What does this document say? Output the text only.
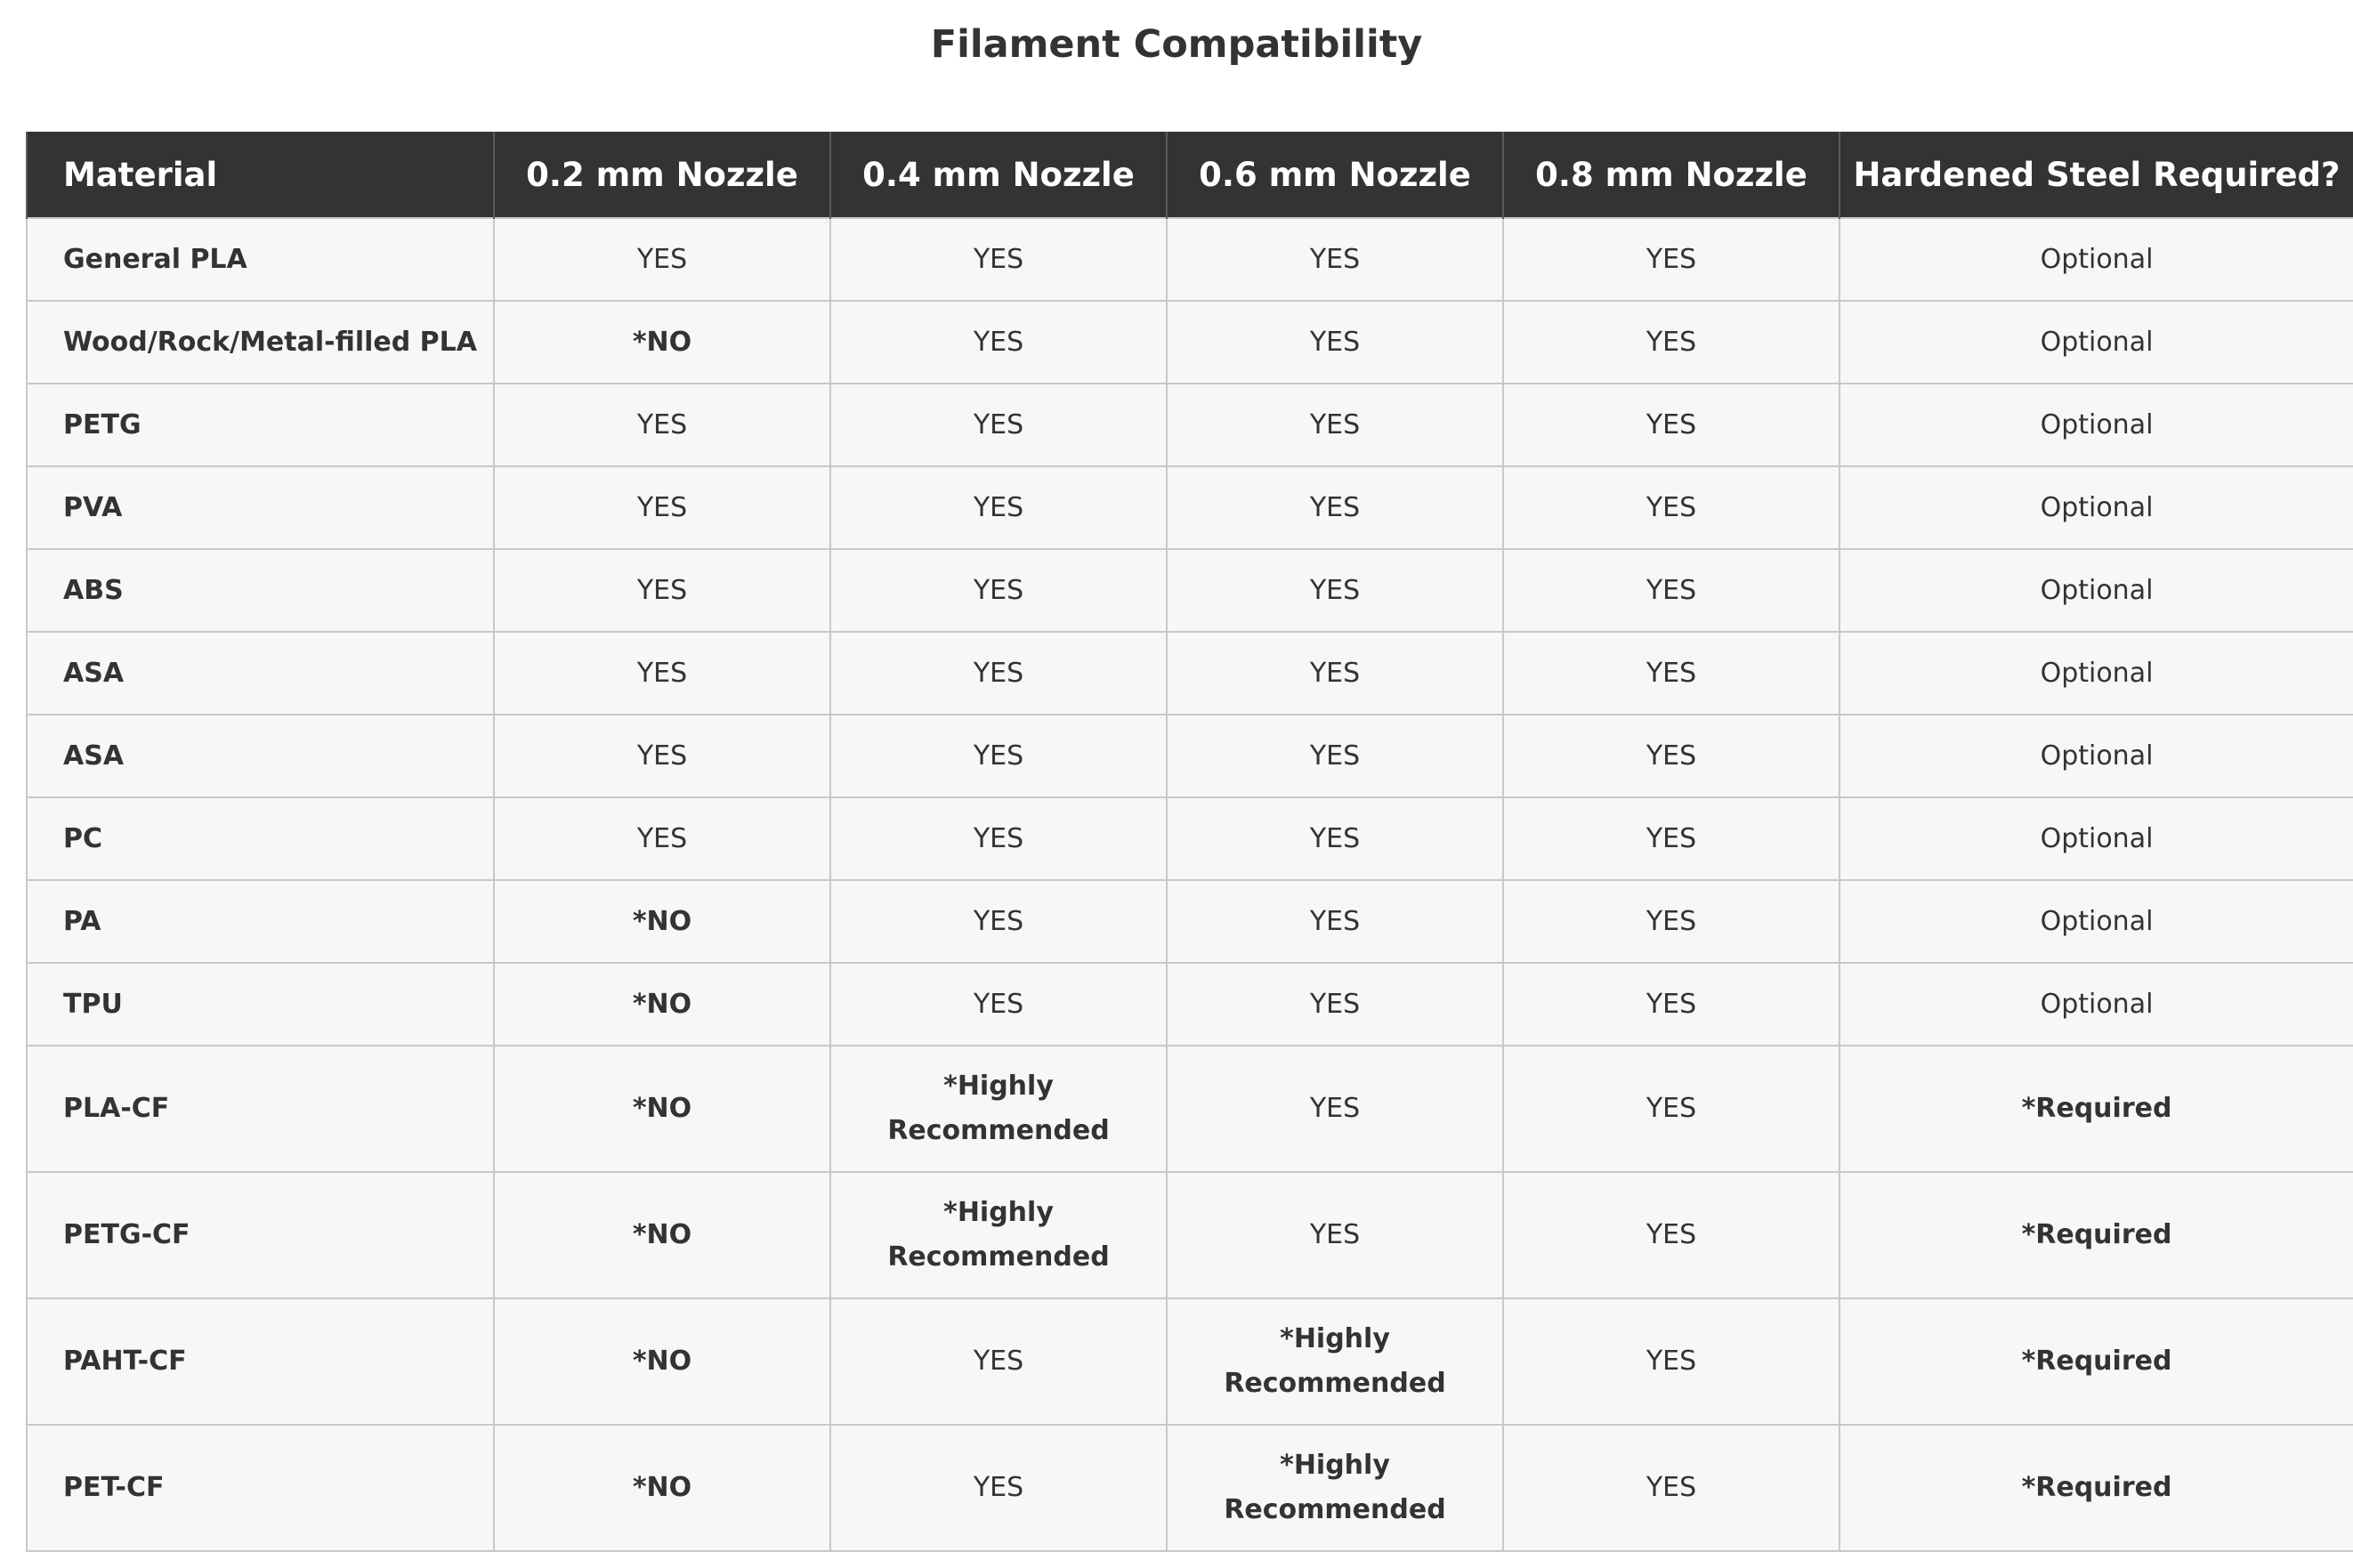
Filament Compatibility
Material	0.2 mm Nozzle	0.4 mm Nozzle	0.6 mm Nozzle	0.8 mm Nozzle	Hardened Steel Required?
General PLA	YES	YES	YES	YES	Optional
Wood/Rock/Metal-filled PLA	*NO	YES	YES	YES	Optional
PETG	YES	YES	YES	YES	Optional
PVA	YES	YES	YES	YES	Optional
ABS	YES	YES	YES	YES	Optional
ASA	YES	YES	YES	YES	Optional
ASA	YES	YES	YES	YES	Optional
PC	YES	YES	YES	YES	Optional
PA	*NO	YES	YES	YES	Optional
TPU	*NO	YES	YES	YES	Optional
PLA-CF	*NO	*Highly Recommended	YES	YES	*Required
PETG-CF	*NO	*Highly Recommended	YES	YES	*Required
PAHT-CF	*NO	YES	*Highly Recommended	YES	*Required
PET-CF	*NO	YES	*Highly Recommended	YES	*Required
